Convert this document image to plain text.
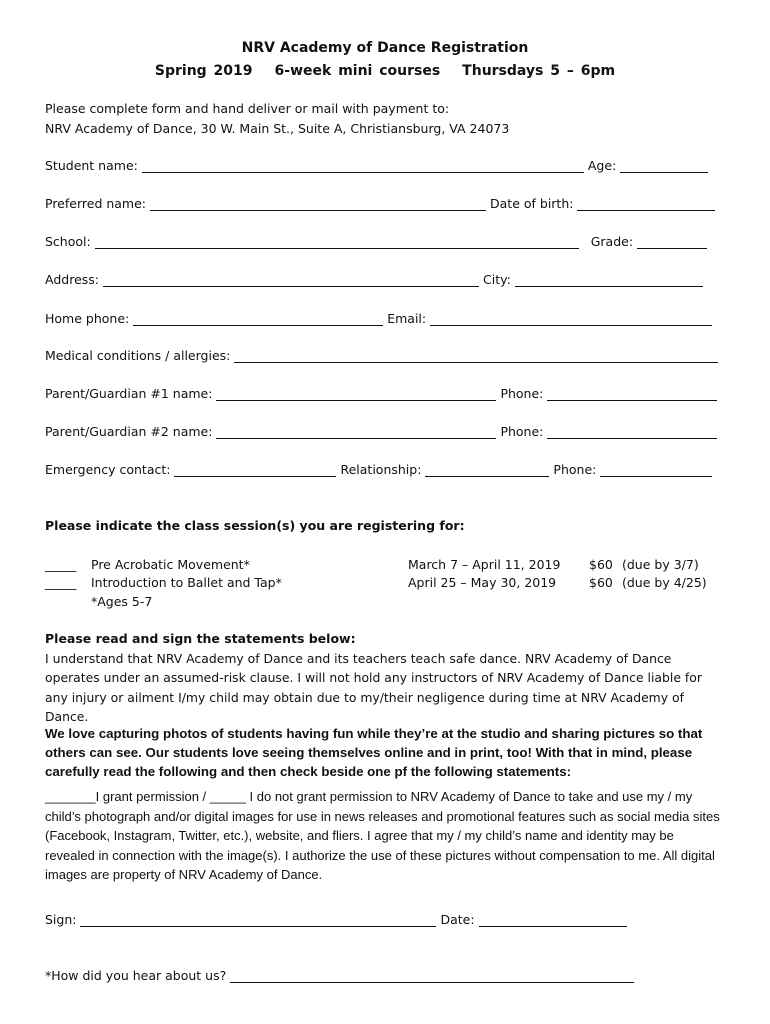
NRV Academy of Dance Registration
Spring 2019 6-week mini courses Thursdays 5 – 6pm
Please complete form and hand deliver or mail with payment to:
NRV Academy of Dance, 30 W. Main St., Suite A, Christiansburg, VA 24073
Student name:	Age:
Preferred name:	Date of birth:
School:	Grade:
Address:	City:
Home phone:	Email:
Medical conditions / allergies:
Parent/Guardian #1 name:	Phone:
Parent/Guardian #2 name:	Phone:
Emergency contact:	Relationship:	Phone:
Please indicate the class session(s) you are registering for:
_____ Pre Acrobatic Movement*	March 7 – April 11, 2019 $60 (due by 3/7)
_____ Introduction to Ballet and Tap*	April 25 – May 30, 2019	$60 (due by 4/25)
*Ages 5-7
Please read and sign the statements below:
I understand that NRV Academy of Dance and its teachers teach safe dance. NRV Academy of Dance operates under an assumed-risk clause. I will not hold any instructors of NRV Academy of Dance liable for any injury or ailment I/my child may obtain due to my/their negligence during time at NRV Academy of Dance.
We love capturing photos of students having fun while they’re at the studio and sharing pictures so that others can see. Our students love seeing themselves online and in print, too! With that in mind, please carefully read the following and then check beside one pf the following statements:
_______I grant permission / _____ I do not grant permission to NRV Academy of Dance to take and use my / my child’s photograph and/or digital images for use in news releases and promotional features such as social media sites (Facebook, Instagram, Twitter, etc.), website, and fliers. I agree that my / my child’s name and identity may be revealed in connection with the image(s). I authorize the use of these pictures without compensation to me. All digital images are property of NRV Academy of Dance.
Sign:	Date:
*How did you hear about us?
